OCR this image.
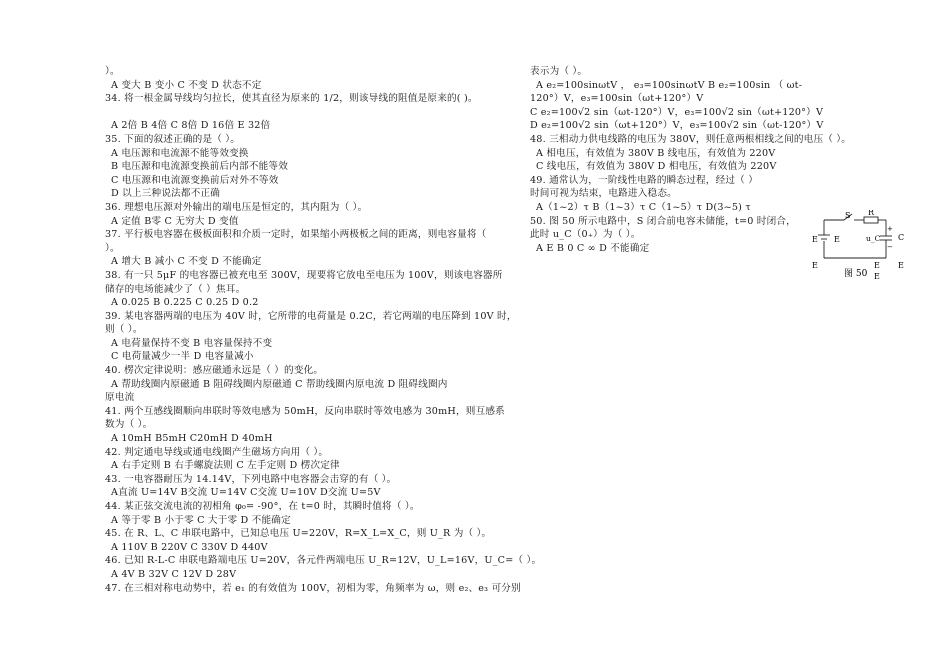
）。
A 变大 B 变小 C 不变 D 状态不定
34. 将一根金属导线均匀拉长，使其直径为原来的 1/2，则该导线的阻值是原来的( )。

A 2倍 B 4倍 C 8倍 D 16倍 E 32倍
35. 下面的叙述正确的是（ ）。
A 电压源和电流源不能等效变换
B 电压源和电流源变换前后内部不能等效
C 电压源和电流源变换前后对外不等效
D 以上三种说法都不正确
36. 理想电压源对外输出的端电压是恒定的，其内阻为（ ）。
A 定值 B零 C 无穷大 D 变值
37. 平行板电容器在极板面积和介质一定时，如果缩小两极板之间的距离，则电容量将（
）。
A 增大 B 减小 C 不变 D 不能确定
38. 有一只 5μF 的电容器已被充电至 300V，现要将它放电至电压为 100V，则该电容器所
储存的电场能减少了（ ）焦耳。
A 0.025 B 0.225 C 0.25 D 0.2
39. 某电容器两端的电压为 40V 时，它所带的电荷量是 0.2C，若它两端的电压降到 10V 时，
则（ ）。
A 电荷量保持不变 B 电容量保持不变
C 电荷量减少一半 D 电容量减小
40. 楞次定律说明：感应磁通永远是（ ）的变化。
A 帮助线圈内原磁通 B 阻碍线圈内原磁通 C 帮助线圈内原电流 D 阻碍线圈内
原电流
41. 两个互感线圈顺向串联时等效电感为 50mH，反向串联时等效电感为 30mH，则互感系
数为（ ）。
A 10mH B5mH C20mH D 40mH
42. 判定通电导线或通电线圈产生磁场方向用（ ）。
A 右手定则 B 右手螺旋法则 C 左手定则 D 楞次定律
43. 一电容器耐压为 14.14V，下列电路中电容器会击穿的有（ ）。
A直流 U=14V B交流 U=14V C交流 U=10V D交流 U=5V
44. 某正弦交流电流的初相角 φ₀= -90°，在 t=0 时，其瞬时值将（ ）。
A 等于零 B 小于零 C 大于零 D 不能确定
45. 在 R、L、C 串联电路中，已知总电压 U=220V，R=X_L=X_C，则 U_R 为（ ）。
A 110V B 220V C 330V D 440V
46. 已知 R-L-C 串联电路端电压 U=20V，各元件两端电压 U_R=12V，U_L=16V，U_C=（ ）。
A 4V B 32V C 12V D 28V
47. 在三相对称电动势中，若 e₁ 的有效值为 100V，初相为零，角频率为 ω，则 e₂、e₃ 可分别
表示为（ ）。
A e₂=100sinωtV ， e₃=100sinωtV B e₂=100sin （ ωt-
120°）V，e₃=100sin（ωt+120°）V
C e₂=100√2 sin（ωt-120°）V，e₃=100√2 sin（ωt+120°）V
D e₂=100√2 sin（ωt+120°）V，e₃=100√2 sin（ωt-120°）V
48. 三相动力供电线路的电压为 380V，则任意两根相线之间的电压（ ）。
A 相电压，有效值为 380V B 线电压，有效值为 220V
C 线电压，有效值为 380V D 相电压，有效值为 220V
49. 通常认为，一阶线性电路的瞬态过程，经过（ ）
时间可视为结束，电路进入稳态。
A（1~2）τ B（1~3）τ C（1~5）τ D(3~5) τ
50. 图 50 所示电路中，S 闭合前电容未储能，t=0 时闭合，
此时 u_C（0₊）为（ ）。
A E B 0 C ∞ D 不能确定
S R
E E
+
u_C
−
C
E	E E
图 50 E
